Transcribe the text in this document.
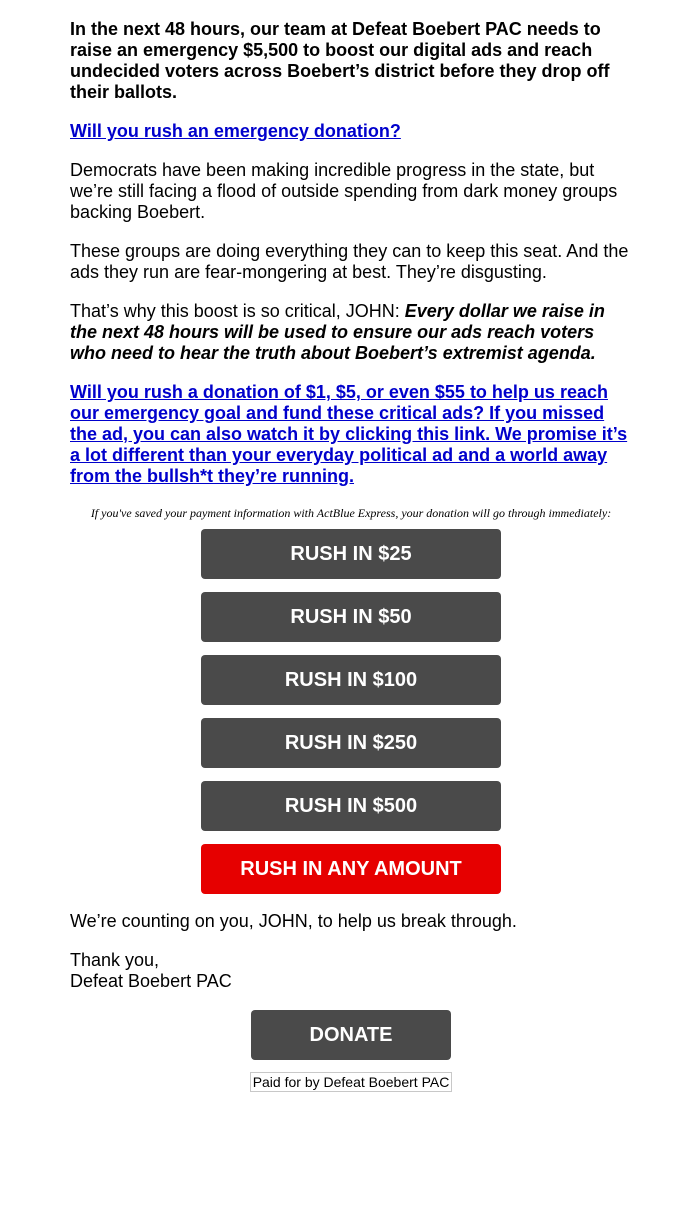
In the next 48 hours, our team at Defeat Boebert PAC needs to raise an emergency $5,500 to boost our digital ads and reach undecided voters across Boebert’s district before they drop off their ballots.

Will you rush an emergency donation?

Democrats have been making incredible progress in the state, but we’re still facing a flood of outside spending from dark money groups backing Boebert.

These groups are doing everything they can to keep this seat. And the ads they run are fear-mongering at best. They’re disgusting.

That’s why this boost is so critical, JOHN: Every dollar we raise in the next 48 hours will be used to ensure our ads reach voters who need to hear the truth about Boebert’s extremist agenda.

Will you rush a donation of $1, $5, or even $55 to help us reach our emergency goal and fund these critical ads? If you missed the ad, you can also watch it by clicking this link. We promise it’s a lot different than your everyday political ad and a world away from the bullsh*t they’re running.

If you've saved your payment information with ActBlue Express, your donation will go through immediately:
RUSH IN $25
RUSH IN $50
RUSH IN $100
RUSH IN $250
RUSH IN $500
RUSH IN ANY AMOUNT

We’re counting on you, JOHN, to help us break through.

Thank you,
Defeat Boebert PAC

DONATE
Paid for by Defeat Boebert PAC
